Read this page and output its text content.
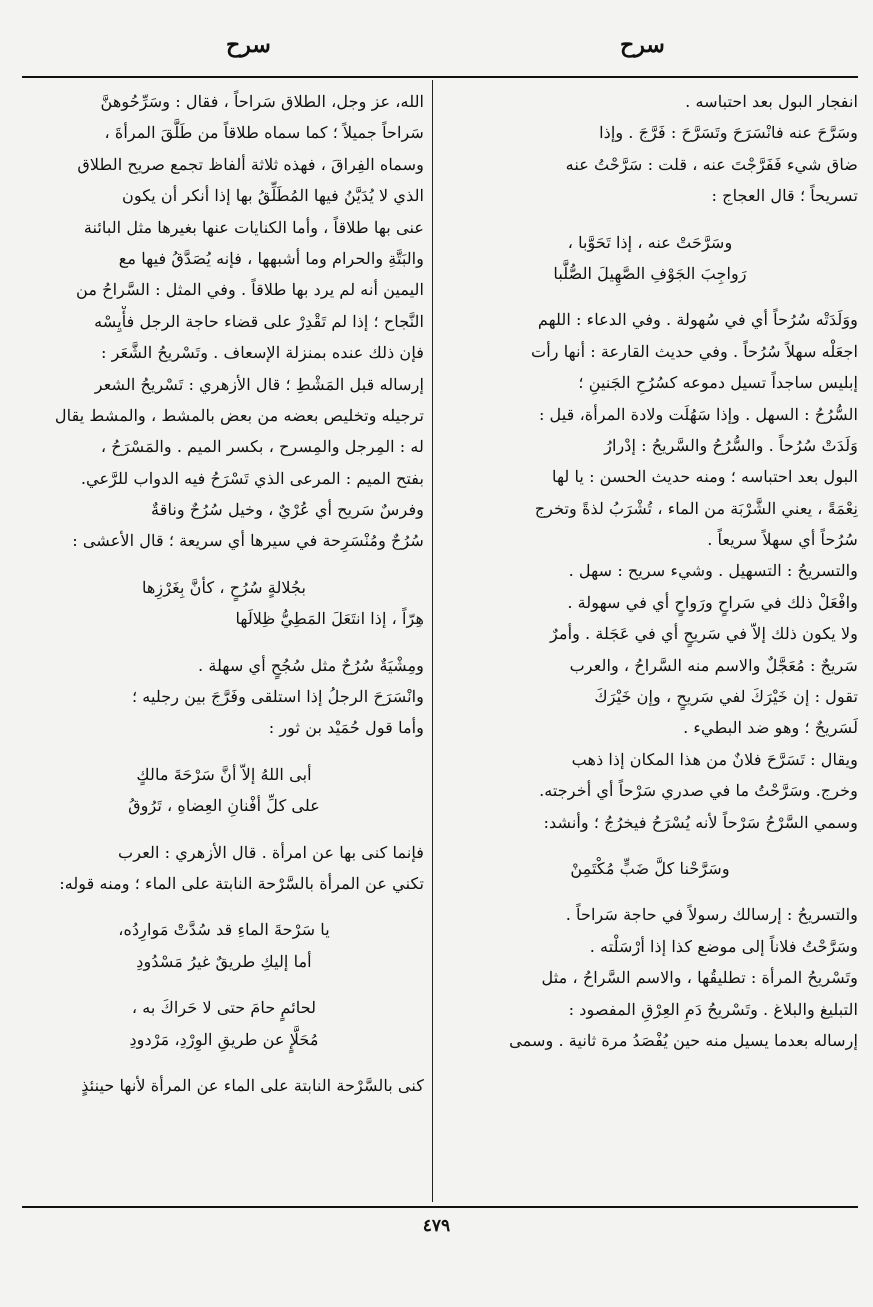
سرح
سرح
انفجار البول بعد احتباسه .
وسَرَّحَ عنه فانْسَرَحَ وتَسَرَّحَ : فَرَّجَ . وإذا
ضاق شيء فَفَرَّجْتَ عنه ، قلت : سَرَّحْتُ عنه
تسريحاً ؛ قال العجاج :
وسَرَّحَتْ عنه ، إذا تَحَوَّبا ،
رَواجِبَ الجَوْفِ الصَّهِيلَ الصُّلَّبا
ووَلَدَتْه سُرُحاً أي في سُهولة . وفي الدعاء : اللهم
اجعَلْه سهلاً سُرُحاً . وفي حديث القارعة : أنها رأت
إبليس ساجداً تسيل دموعه كسُرُحِ الجَنينِ ؛
السُّرُحُ : السهل . وإذا سَهُلَت ولادة المرأة، قيل :
وَلَدَتْ سُرُحاً . والسُّرُحُ والسَّريحُ : إدْرارُ
البول بعد احتباسه ؛ ومنه حديث الحسن : يا لها
نِعْمَةً ، يعني الشَّرْبَة من الماء ، تُشْرَبُ لذةً وتخرج
سُرُحاً أي سهلاً سريعاً .
والتسريحُ : التسهيل . وشيء سريح : سهل .
وافْعَلْ ذلك في سَراحٍ ورَواحٍ أي في سهولة .
ولا يكون ذلك إلاّ في سَريحٍ أي في عَجَلة . وأمرٌ
سَريحٌ : مُعَجَّلٌ والاسم منه السَّراحُ ، والعرب
تقول : إن خَيْرَكَ لفي سَريحٍ ، وإن خَيْرَكَ
لَسَريحٌ ؛ وهو ضد البطيء .
ويقال : تَسَرَّحَ فلانٌ من هذا المكان إذا ذهب
وخرج. وسَرَّحْتُ ما في صدري سَرْحاً أي أخرجته.
وسمي السَّرْحُ سَرْحاً لأنه يُسْرَحُ فيخرُجُ ؛ وأنشد:
وسَرَّحْنا كلَّ ضَبٍّ مُكْتَمِنْ
والتسريحُ : إرسالك رسولاً في حاجة سَراحاً .
وسَرَّحْتُ فلاناً إلى موضع كذا إذا أرْسَلْته .
وتَسْريحُ المرأة : تطليقُها ، والاسم السَّراحُ ، مثل
التبليغ والبلاغ . وتَسْريحُ دَمِ العِرْقِ المفصود :
إرساله بعدما يسيل منه حين يُفْصَدُ مرة ثانية . وسمى
الله، عز وجل، الطلاق سَراحاً ، فقال : وسَرِّحُوهنَّ
سَراحاً جميلاً ؛ كما سماه طلاقاً من طَلَّقَ المرأةَ ،
وسماه الفِراقَ ، فهذه ثلاثة ألفاظ تجمع صريح الطلاق
الذي لا يُدَيَّنُ فيها المُطَلِّقُ بها إذا أنكر أن يكون
عنى بها طلاقاً ، وأما الكنايات عنها بغيرها مثل البائنة
والبَتَّةِ والحرام وما أشبهها ، فإنه يُصَدَّقُ فيها مع
اليمين أنه لم يرد بها طلاقاً . وفي المثل : السَّراحُ من
النَّجاح ؛ إذا لم تَقْدِرْ على قضاء حاجة الرجل فأْيِسْه
فإن ذلك عنده بمنزلة الإسعاف . وتَسْريحُ الشَّعَر :
إرساله قبل المَشْطِ ؛ قال الأزهري : تَسْريحُ الشعر
ترجيله وتخليص بعضه من بعض بالمشط ، والمشط يقال
له : المِرجل والمِسرح ، بكسر الميم . والمَسْرَحُ ،
بفتح الميم : المرعى الذي تَسْرَحُ فيه الدواب للرَّعي.
وفرسٌ سَريح أي عُرْيٌ ، وخيل سُرُحٌ وناقةٌ
سُرُحٌ ومُنْسَرِحة في سيرها أي سريعة ؛ قال الأعشى :
بجُلالةٍ سُرُحٍ ، كأنَّ بِغَرْزِها
هِرّاً ، إذا انتَعَلَ المَطِيُّ ظِلالَها
ومِشْيَةٌ سُرُحٌ مثل سُجُحٍ أي سهلة .
وانْسَرَحَ الرجلُ إذا استلقى وفَرَّجَ بين رجليه ؛
وأما قول حُمَيْد بن ثور :
أبى اللهُ إلاّ أنَّ سَرْحَةَ مالكٍ
على كلِّ أفْنانِ العِضاهِ ، تَرُوقُ
فإنما كنى بها عن امرأة . قال الأزهري : العرب
تكني عن المرأة بالسَّرْحة النابتة على الماء ؛ ومنه قوله:
يا سَرْحةَ الماءِ قد سُدَّتْ مَوارِدُه،
أما إليكِ طريقٌ غيرُ مَسْدُودِ
لحائمٍ حامَ حتى لا حَراكَ به ،
مُحَلَّإٍ عن طريقِ الوِرْدِ، مَرْدودِ
كنى بالسَّرْحة النابتة على الماء عن المرأة لأنها حينئذٍ
٤٧٩
